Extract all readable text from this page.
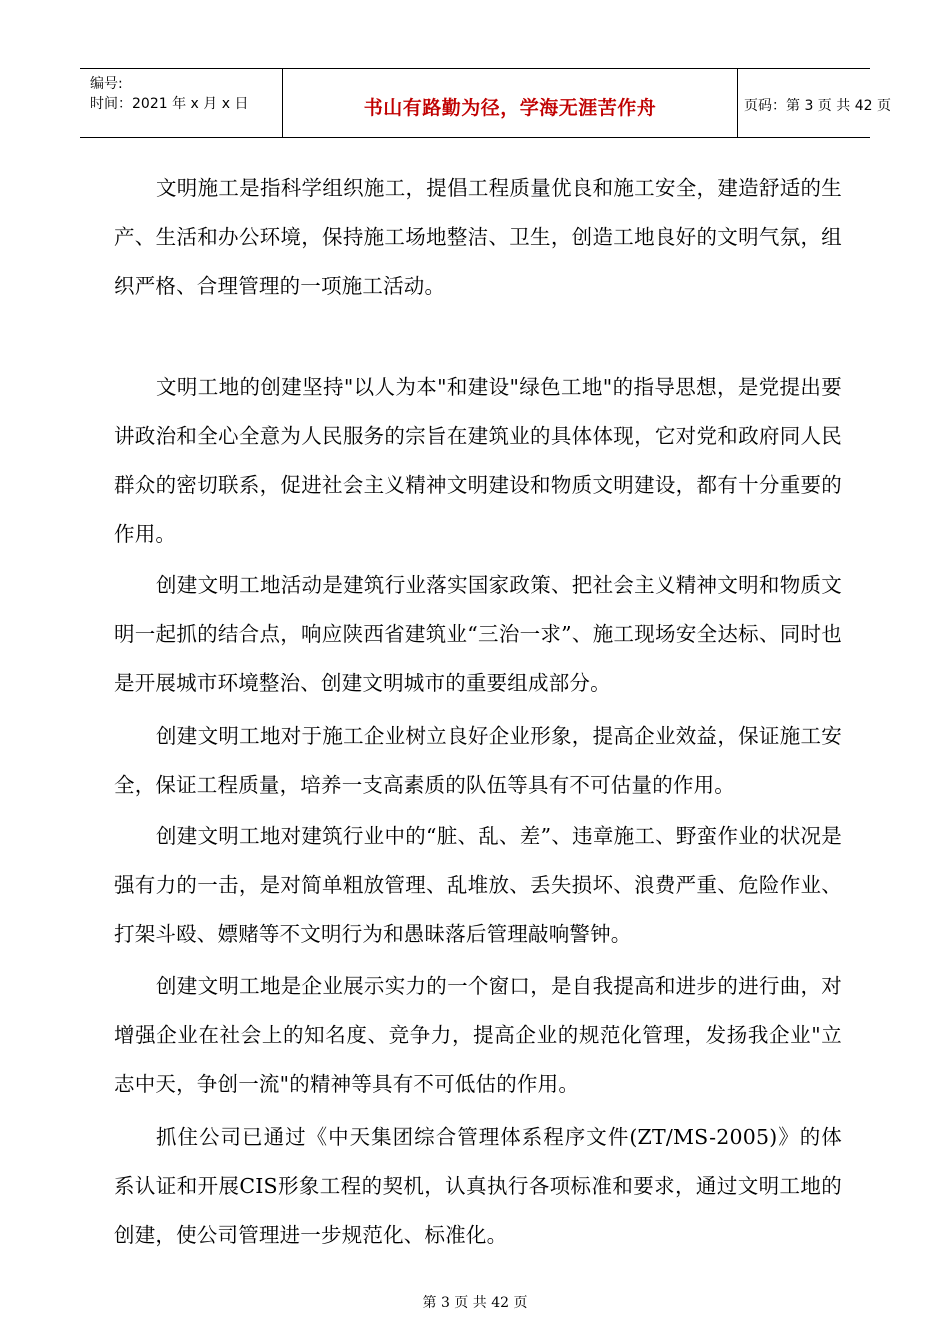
编号:
时间：2021 年 x 月 x 日	书山有路勤为径，学海无涯苦作舟	页码：第 3 页 共 42 页

文明施工是指科学组织施工，提倡工程质量优良和施工安全，建造舒适的生产、生活和办公环境，保持施工场地整洁、卫生，创造工地良好的文明气氛，组织严格、合理管理的一项施工活动。

文明工地的创建坚持"以人为本"和建设"绿色工地"的指导思想，是党提出要讲政治和全心全意为人民服务的宗旨在建筑业的具体体现，它对党和政府同人民群众的密切联系，促进社会主义精神文明建设和物质文明建设，都有十分重要的作用。

创建文明工地活动是建筑行业落实国家政策、把社会主义精神文明和物质文明一起抓的结合点，响应陕西省建筑业“三治一求”、施工现场安全达标、同时也是开展城市环境整治、创建文明城市的重要组成部分。

创建文明工地对于施工企业树立良好企业形象，提高企业效益，保证施工安全，保证工程质量，培养一支高素质的队伍等具有不可估量的作用。

创建文明工地对建筑行业中的“脏、乱、差”、违章施工、野蛮作业的状况是强有力的一击，是对简单粗放管理、乱堆放、丢失损坏、浪费严重、危险作业、打架斗殴、嫖赌等不文明行为和愚昧落后管理敲响警钟。

创建文明工地是企业展示实力的一个窗口，是自我提高和进步的进行曲，对增强企业在社会上的知名度、竞争力，提高企业的规范化管理，发扬我企业"立志中天，争创一流"的精神等具有不可低估的作用。

抓住公司已通过《中天集团综合管理体系程序文件(ZT/MS-2005)》的体系认证和开展CIS形象工程的契机，认真执行各项标准和要求，通过文明工地的创建，使公司管理进一步规范化、标准化。

第 3 页 共 42 页
